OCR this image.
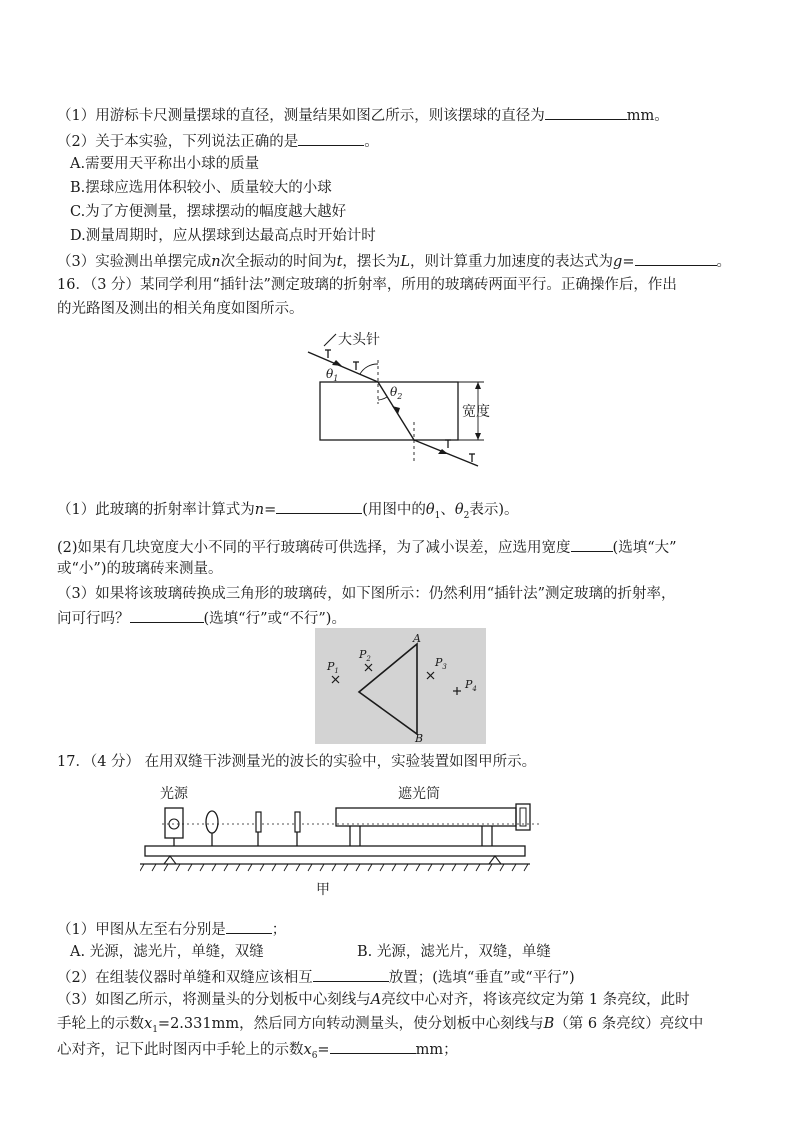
（1）用游标卡尺测量摆球的直径，测量结果如图乙所示，则该摆球的直径为	mm。
（2）关于本实验，下列说法正确的是	。
A.需要用天平称出小球的质量
B.摆球应选用体积较小、质量较大的小球
C.为了方便测量，摆球摆动的幅度越大越好
D.测量周期时，应从摆球到达最高点时开始计时
（3）实验测出单摆完成n次全振动的时间为t，摆长为L，则计算重力加速度的表达式为g=	。
16．（3 分）某同学利用“插针法”测定玻璃的折射率，所用的玻璃砖两面平行。正确操作后，作出
的光路图及测出的相关角度如图所示。
大头针
$\theta_1$
$\theta_2$
宽度
（1）此玻璃的折射率计算式为n=	(用图中的$\theta_1$、$\theta_2$表示)。
(2)如果有几块宽度大小不同的平行玻璃砖可供选择，为了减小误差，应选用宽度	(选填“大”
或“小”)的玻璃砖来测量。
（3）如果将该玻璃砖换成三角形的玻璃砖，如下图所示：仍然利用“插针法”测定玻璃的折射率，
问可行吗？	(选填“行”或“不行”)。
A
B
$P_1$
$P_2$	$P_3$
$P_4$
17．（4 分） 在用双缝干涉测量光的波长的实验中，实验装置如图甲所示。
光源	遮光筒
甲
（1）甲图从左至右分别是	；
A. 光源，滤光片，单缝，双缝	B. 光源，滤光片，双缝，单缝
（2）在组装仪器时单缝和双缝应该相互	放置；(选填“垂直”或“平行”)
（3）如图乙所示，将测量头的分划板中心刻线与A亮纹中心对齐，将该亮纹定为第 1 条亮纹，此时
手轮上的示数$x_1=2.331mm$，然后同方向转动测量头，使分划板中心刻线与B（第 6 条亮纹）亮纹中
心对齐，记下此时图丙中手轮上的示数$x_6=$	mm；
